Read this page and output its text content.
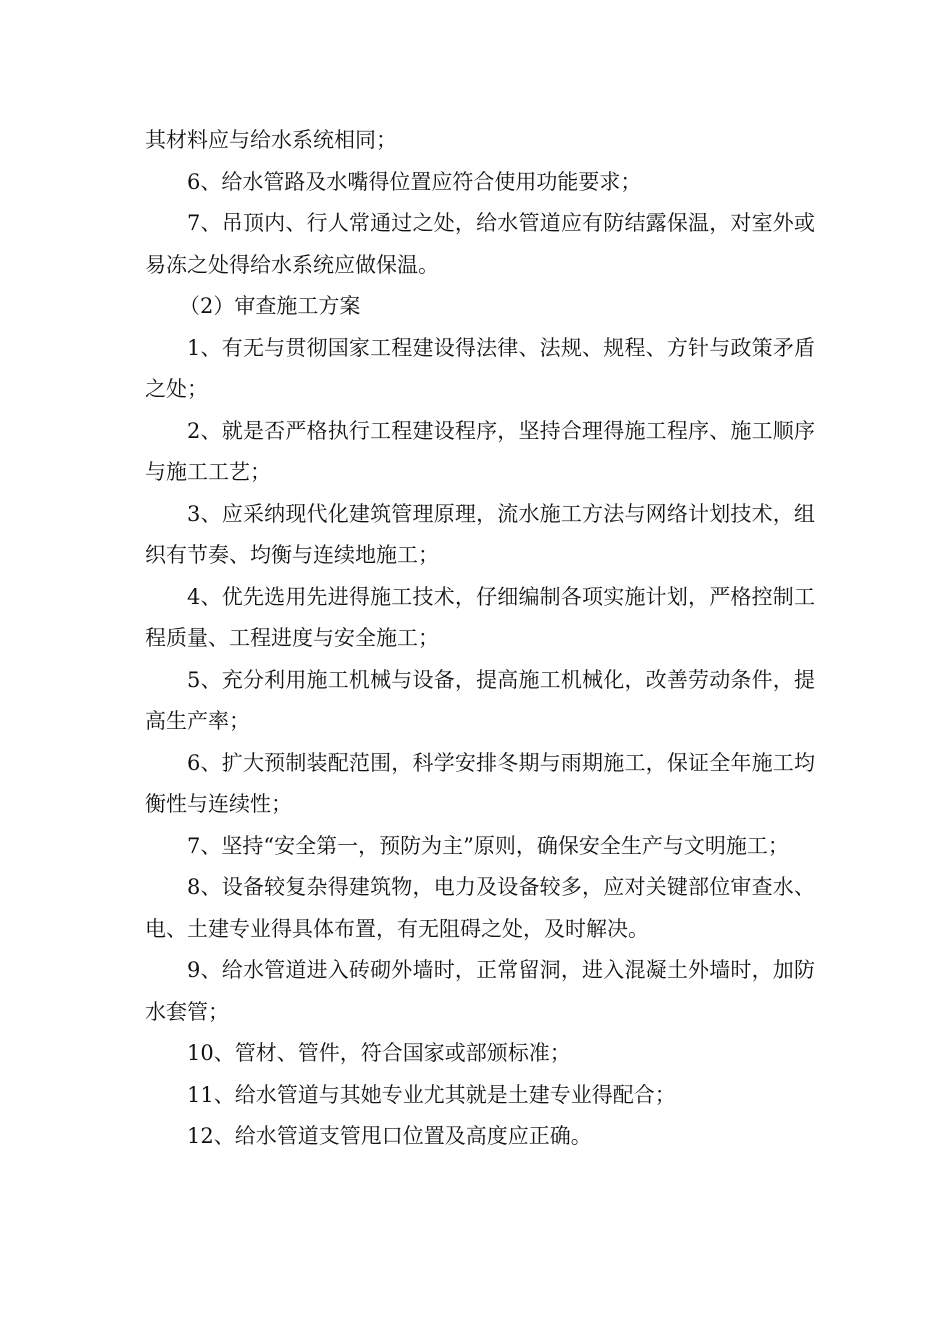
其材料应与给水系统相同；

6、给水管路及水嘴得位置应符合使用功能要求；

7、吊顶内、行人常通过之处，给水管道应有防结露保温，对室外或易冻之处得给水系统应做保温。

（2）审查施工方案

1、有无与贯彻国家工程建设得法律、法规、规程、方针与政策矛盾之处；

2、就是否严格执行工程建设程序，坚持合理得施工程序、施工顺序与施工工艺；

3、应采纳现代化建筑管理原理，流水施工方法与网络计划技术，组织有节奏、均衡与连续地施工；

4、优先选用先进得施工技术，仔细编制各项实施计划，严格控制工程质量、工程进度与安全施工；

5、充分利用施工机械与设备，提高施工机械化，改善劳动条件，提高生产率；

6、扩大预制装配范围，科学安排冬期与雨期施工，保证全年施工均衡性与连续性；

7、坚持“安全第一，预防为主”原则，确保安全生产与文明施工；

8、设备较复杂得建筑物，电力及设备较多，应对关键部位审查水、电、土建专业得具体布置，有无阻碍之处，及时解决。

9、给水管道进入砖砌外墙时，正常留洞，进入混凝土外墙时，加防水套管；

10、管材、管件，符合国家或部颁标准；

11、给水管道与其她专业尤其就是土建专业得配合；

12、给水管道支管甩口位置及高度应正确。
